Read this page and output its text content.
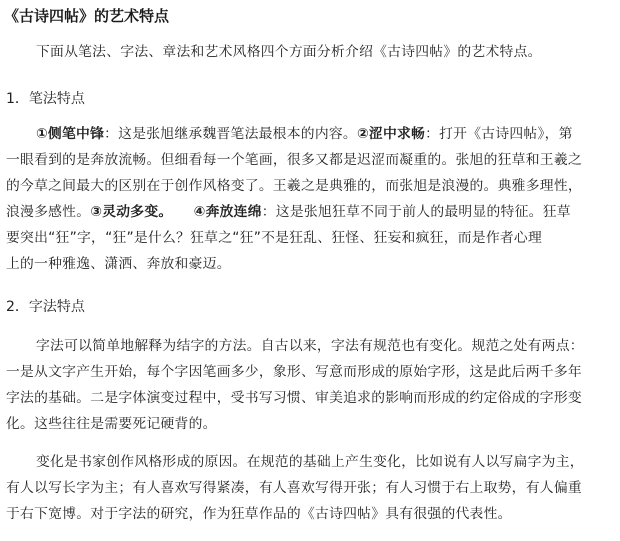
《古诗四帖》的艺术特点

下面从笔法、字法、章法和艺术风格四个方面分析介绍《古诗四帖》的艺术特点。

1．笔法特点

①侧笔中锋：这是张旭继承魏晋笔法最根本的内容。②涩中求畅：打开《古诗四帖》，第

一眼看到的是奔放流畅。但细看每一个笔画，很多又都是迟涩而凝重的。张旭的狂草和王羲之

的今草之间最大的区别在于创作风格变了。王羲之是典雅的，而张旭是浪漫的。典雅多理性，

浪漫多感性。③灵动多变。　　 ④奔放连绵：这是张旭狂草不同于前人的最明显的特征。狂草

要突出“狂”字，“狂”是什么？狂草之“狂”不是狂乱、狂怪、狂妄和疯狂，而是作者心理

上的一种雅逸、潇洒、奔放和豪迈。

2．字法特点

字法可以简单地解释为结字的方法。自古以来，字法有规范也有变化。规范之处有两点：

一是从文字产生开始，每个字因笔画多少，象形、写意而形成的原始字形，这是此后两千多年

字法的基础。二是字体演变过程中，受书写习惯、审美追求的影响而形成的约定俗成的字形变

化。这些往往是需要死记硬背的。

变化是书家创作风格形成的原因。在规范的基础上产生变化，比如说有人以写扁字为主，

有人以写长字为主；有人喜欢写得紧凑，有人喜欢写得开张；有人习惯于右上取势，有人偏重

于右下宽博。对于字法的研究，作为狂草作品的《古诗四帖》具有很强的代表性。
